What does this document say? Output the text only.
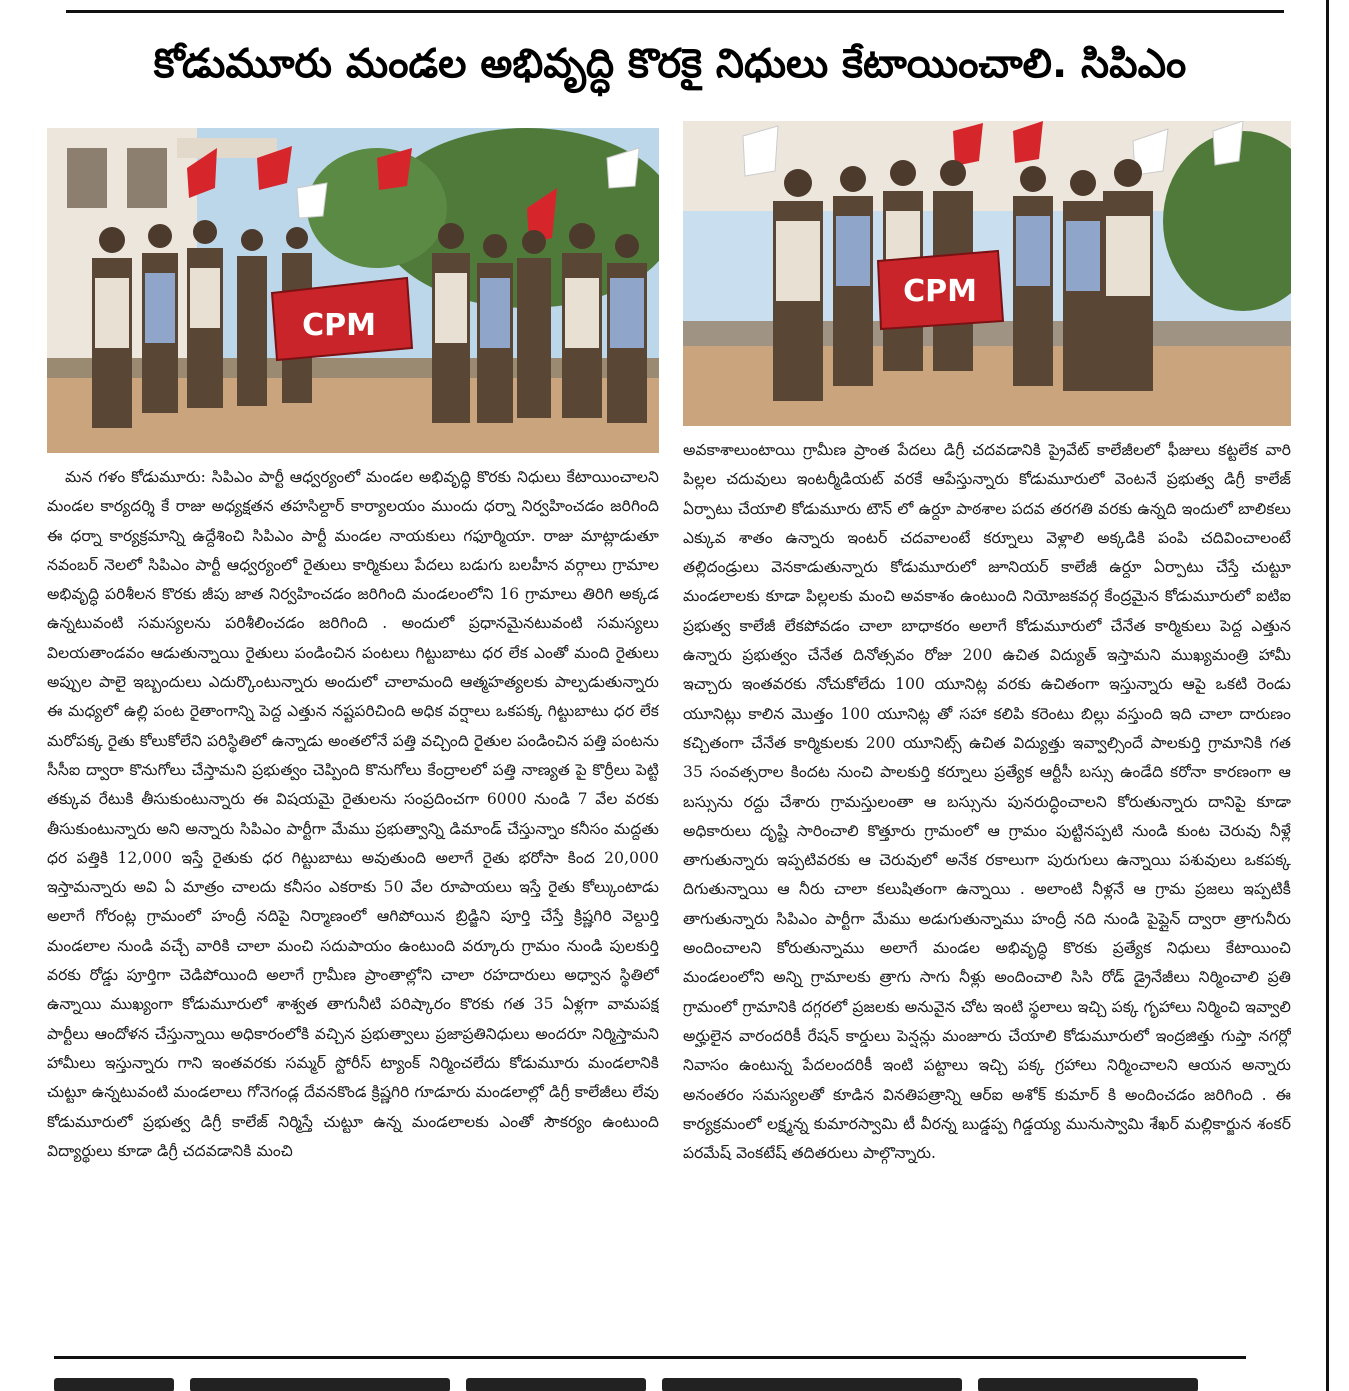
కోడుమూరు మండల అభివృద్ధి కొరకై నిధులు కేటాయించాలి. సిపిఎం
CPM
CPM

మన గళం కోడుమూరు: సిపిఎం పార్టీ ఆధ్వర్యంలో మండల అభివృద్ధి కొరకు నిధులు కేటాయించాలని మండల కార్యదర్శి కే రాజు అధ్యక్షతన తహసిల్దార్ కార్యాలయం ముందు ధర్నా నిర్వహించడం జరిగింది ఈ ధర్నా కార్యక్రమాన్ని ఉద్దేశించి సిపిఎం పార్టీ మండల నాయకులు గఫూర్మియా. రాజు మాట్లాడుతూ నవంబర్ నెలలో సిపిఎం పార్టీ ఆధ్వర్యంలో రైతులు కార్మికులు పేదలు బడుగు బలహీన వర్గాలు గ్రామాల అభివృద్ధి పరిశీలన కొరకు జీపు జాత నిర్వహించడం జరిగింది మండలంలోని 16 గ్రామాలు తిరిగి అక్కడ ఉన్నటువంటి సమస్యలను పరిశీలించడం జరిగింది . అందులో ప్రధానమైనటువంటి సమస్యలు విలయతాండవం ఆడుతున్నాయి రైతులు పండించిన పంటలు గిట్టుబాటు ధర లేక ఎంతో మంది రైతులు అప్పుల పాలై ఇబ్బందులు ఎదుర్కొంటున్నారు అందులో చాలామంది ఆత్మహత్యలకు పాల్పడుతున్నారు ఈ మధ్యలో ఉల్లి పంట రైతాంగాన్ని పెద్ద ఎత్తున నష్టపరిచింది అధిక వర్షాలు ఒకపక్క గిట్టుబాటు ధర లేక మరోపక్క రైతు కోలుకోలేని పరిస్థితిలో ఉన్నాడు అంతలోనే పత్తి వచ్చింది రైతుల పండించిన పత్తి పంటను సీసీఐ ద్వారా కొనుగోలు చేస్తామని ప్రభుత్వం చెప్పింది కొనుగోలు కేంద్రాలలో పత్తి నాణ్యత పై కొర్రీలు పెట్టి తక్కువ రేటుకి తీసుకుంటున్నారు ఈ విషయమై రైతులను సంప్రదించగా 6000 నుండి 7 వేల వరకు తీసుకుంటున్నారు అని అన్నారు సిపిఎం పార్టీగా మేము ప్రభుత్వాన్ని డిమాండ్ చేస్తున్నాం కనీసం మద్దతు ధర పత్తికి 12,000 ఇస్తే రైతుకు ధర గిట్టుబాటు అవుతుంది అలాగే రైతు భరోసా కింద 20,000 ఇస్తామన్నారు అవి ఏ మాత్రం చాలదు కనీసం ఎకరాకు 50 వేల రూపాయలు ఇస్తే రైతు కోల్కుంటాడు అలాగే గోరంట్ల గ్రామంలో హంద్రీ నదిపై నిర్మాణంలో ఆగిపోయిన బ్రిడ్జిని పూర్తి చేస్తే క్రిష్ణగిరి వెల్దుర్తి మండలాల నుండి వచ్చే వారికి చాలా మంచి సదుపాయం ఉంటుంది వర్కూరు గ్రామం నుండి పులకుర్తి వరకు రోడ్డు పూర్తిగా చెడిపోయింది అలాగే గ్రామీణ ప్రాంతాల్లోని చాలా రహదారులు అధ్వాన స్థితిలో ఉన్నాయి ముఖ్యంగా కోడుమూరులో శాశ్వత తాగునీటి పరిష్కారం కొరకు గత 35 ఏళ్లగా వామపక్ష పార్టీలు ఆందోళన చేస్తున్నాయి అధికారంలోకి వచ్చిన ప్రభుత్వాలు ప్రజాప్రతినిధులు అందరూ నిర్మిస్తామని హామీలు ఇస్తున్నారు గాని ఇంతవరకు సమ్మర్ స్టోరీస్ ట్యాంక్ నిర్మించలేదు కోడుమూరు మండలానికి చుట్టూ ఉన్నటువంటి మండలాలు గోనెగండ్ల దేవనకొండ క్రిష్ణగిరి గూడూరు మండలాల్లో డిగ్రీ కాలేజీలు లేవు కోడుమూరులో ప్రభుత్వ డిగ్రీ కాలేజ్ నిర్మిస్తే చుట్టూ ఉన్న మండలాలకు ఎంతో సౌకర్యం ఉంటుంది విద్యార్థులు కూడా డిగ్రీ చదవడానికి మంచి

అవకాశాలుంటాయి గ్రామీణ ప్రాంత పేదలు డిగ్రీ చదవడానికి ప్రైవేట్ కాలేజీలలో ఫీజులు కట్టలేక వారి పిల్లల చదువులు ఇంటర్మీడియట్ వరకే ఆపేస్తున్నారు కోడుమూరులో వెంటనే ప్రభుత్వ డిగ్రీ కాలేజ్ ఏర్పాటు చేయాలి కోడుమూరు టౌన్ లో ఉర్దూ పాఠశాల పదవ తరగతి వరకు ఉన్నది ఇందులో బాలికలు ఎక్కువ శాతం ఉన్నారు ఇంటర్ చదవాలంటే కర్నూలు వెళ్లాలి అక్కడికి పంపి చదివించాలంటే తల్లిదండ్రులు వెనకాడుతున్నారు కోడుమూరులో జూనియర్ కాలేజీ ఉర్దూ ఏర్పాటు చేస్తే చుట్టూ మండలాలకు కూడా పిల్లలకు మంచి అవకాశం ఉంటుంది నియోజకవర్గ కేంద్రమైన కోడుమూరులో ఐటిఐ ప్రభుత్వ కాలేజీ లేకపోవడం చాలా బాధాకరం అలాగే కోడుమూరులో చేనేత కార్మికులు పెద్ద ఎత్తున ఉన్నారు ప్రభుత్వం చేనేత దినోత్సవం రోజు 200 ఉచిత విద్యుత్ ఇస్తామని ముఖ్యమంత్రి హామీ ఇచ్చారు ఇంతవరకు నోచుకోలేదు 100 యూనిట్ల వరకు ఉచితంగా ఇస్తున్నారు ఆపై ఒకటి రెండు యూనిట్లు కాలిన మొత్తం 100 యూనిట్ల తో సహా కలిపి కరెంటు బిల్లు వస్తుంది ఇది చాలా దారుణం కచ్చితంగా చేనేత కార్మికులకు 200 యూనిట్స్ ఉచిత విద్యుత్తు ఇవ్వాల్సిందే పాలకుర్తి గ్రామానికి గత 35 సంవత్సరాల కిందట నుంచి పాలకుర్తి కర్నూలు ప్రత్యేక ఆర్టీసీ బస్సు ఉండేది కరోనా కారణంగా ఆ బస్సును రద్దు చేశారు గ్రామస్తులంతా ఆ బస్సును పునరుద్ధించాలని కోరుతున్నారు దానిపై కూడా అధికారులు దృష్టి సారించాలి కొత్తూరు గ్రామంలో ఆ గ్రామం పుట్టినప్పటి నుండి కుంట చెరువు నీళ్లే తాగుతున్నారు ఇప్పటివరకు ఆ చెరువులో అనేక రకాలుగా పురుగులు ఉన్నాయి పశువులు ఒకపక్క దిగుతున్నాయి ఆ నీరు చాలా కలుషితంగా ఉన్నాయి . అలాంటి నీళ్లనే ఆ గ్రామ ప్రజలు ఇప్పటికీ తాగుతున్నారు సిపిఎం పార్టీగా మేము అడుగుతున్నాము హంద్రీ నది నుండి పైప్లైన్ ద్వారా త్రాగునీరు అందించాలని కోరుతున్నాము అలాగే మండల అభివృద్ధి కొరకు ప్రత్యేక నిధులు కేటాయించి మండలంలోని అన్ని గ్రామాలకు త్రాగు సాగు నీళ్లు అందించాలి సిసి రోడ్ డ్రైనేజీలు నిర్మించాలి ప్రతి గ్రామంలో గ్రామానికి దగ్గరలో ప్రజలకు అనువైన చోట ఇంటి స్థలాలు ఇచ్చి పక్క గృహాలు నిర్మించి ఇవ్వాలి అర్హులైన వారందరికీ రేషన్ కార్డులు పెన్షన్లు మంజూరు చేయాలి కోడుమూరులో ఇంద్రజిత్తు గుప్తా నగర్లో నివాసం ఉంటున్న పేదలందరికీ ఇంటి పట్టాలు ఇచ్చి పక్క గ్రహాలు నిర్మించాలని ఆయన అన్నారు అనంతరం సమస్యలతో కూడిన వినతిపత్రాన్ని ఆర్ఐ అశోక్ కుమార్ కి అందించడం జరిగింది . ఈ కార్యక్రమంలో లక్ష్మన్న కుమారస్వామి టీ వీరన్న బుడ్డప్ప గిడ్డయ్య మునుస్వామి శేఖర్ మల్లికార్జున శంకర్ పరమేష్ వెంకటేష్ తదితరులు పాల్గొన్నారు.
